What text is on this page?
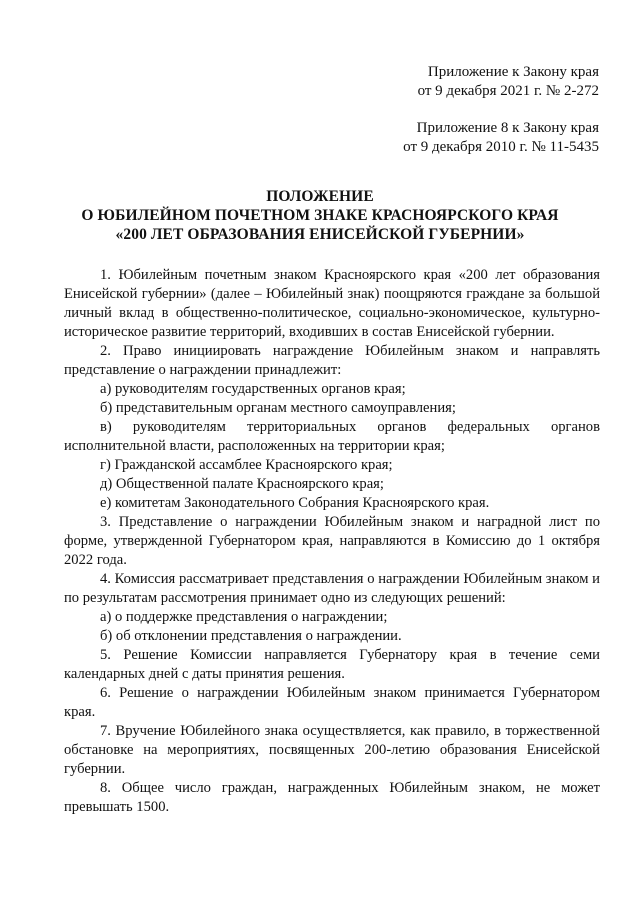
Приложение к Закону края
от 9 декабря 2021 г. № 2-272
Приложение 8 к Закону края
от 9 декабря 2010 г. № 11-5435
ПОЛОЖЕНИЕ
О ЮБИЛЕЙНОМ ПОЧЕТНОМ ЗНАКЕ КРАСНОЯРСКОГО КРАЯ
«200 ЛЕТ ОБРАЗОВАНИЯ ЕНИСЕЙСКОЙ ГУБЕРНИИ»

1. Юбилейным почетным знаком Красноярского края «200 лет образования Енисейской губернии» (далее – Юбилейный знак) поощряются граждане за большой личный вклад в общественно-политическое, социально-экономическое, культурно-историческое развитие территорий, входивших в состав Енисейской губернии.

2. Право инициировать награждение Юбилейным знаком и направлять представление о награждении принадлежит:

а) руководителям государственных органов края;

б) представительным органам местного самоуправления;

в) руководителям территориальных органов федеральных органов исполнительной власти, расположенных на территории края;

г) Гражданской ассамблее Красноярского края;

д) Общественной палате Красноярского края;

е) комитетам Законодательного Собрания Красноярского края.

3. Представление о награждении Юбилейным знаком и наградной лист по форме, утвержденной Губернатором края, направляются в Комиссию до 1 октября 2022 года.

4. Комиссия рассматривает представления о награждении Юбилейным знаком и по результатам рассмотрения принимает одно из следующих решений:

а) о поддержке представления о награждении;

б) об отклонении представления о награждении.

5. Решение Комиссии направляется Губернатору края в течение семи календарных дней с даты принятия решения.

6. Решение о награждении Юбилейным знаком принимается Губернатором края.

7. Вручение Юбилейного знака осуществляется, как правило, в торжественной обстановке на мероприятиях, посвященных 200-летию образования Енисейской губернии.

8. Общее число граждан, награжденных Юбилейным знаком, не может превышать 1500.
